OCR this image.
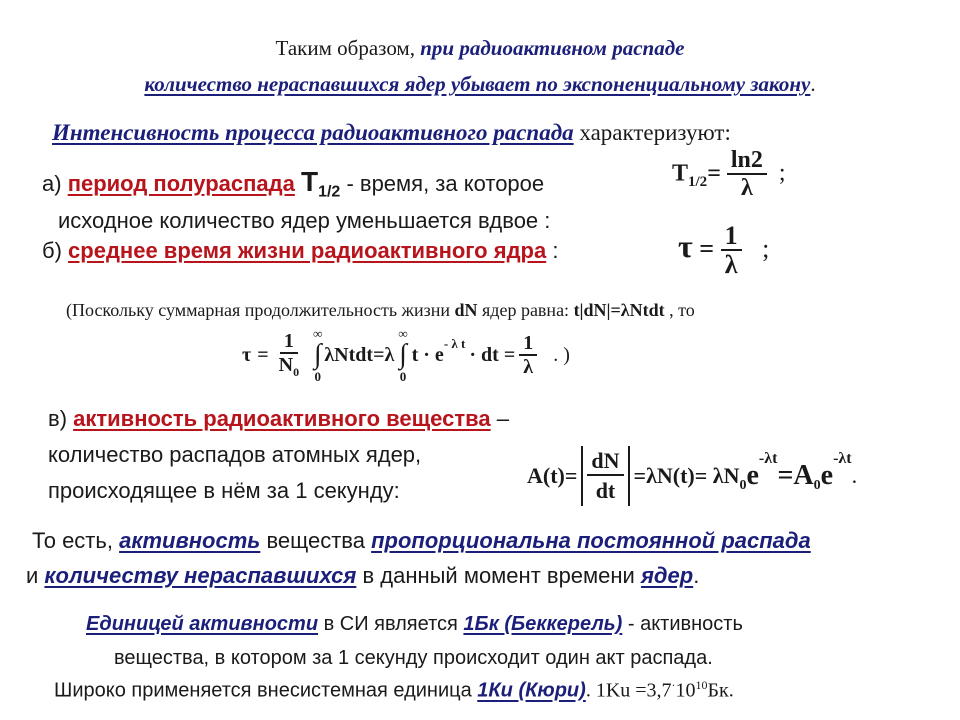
Таким образом, при радиоактивном распаде
количество нераспавшихся ядер убывает по экспоненциальному закону.
Интенсивность процесса радиоактивного распада характеризуют:
а) период полураспада $T_{1/2}$ - время, за которое
исходное количество ядер уменьшается вдвое :
$T_{1/2}= \frac{\ln 2}{\lambda}$ ;
б) среднее время жизни радиоактивного ядра :	$\tau = \frac{1}{\lambda}$ ;
(Поскольку суммарная продолжительность жизни dN ядер равна: t|dN|=λNtdt , то
$\tau = \frac{1}{N_0}$ ∞
∫
0
λNtdt =λ
∞
∫
0
$t \cdot e^{- \lambda t}$ · dt = $\frac{1}{\lambda}$ . )
в) активность радиоактивного вещества –
количество распадов атомных ядер,
происходящее в нём за 1 секунду:
$A(t)= \frac{dN}{dt} =\lambda N(t)= \lambda N_0$ e
$^{-\lambda t}$
$=A_0$ e
$^{-\lambda t}$
.
То есть, активность вещества пропорциональна постоянной распада
и количеству нераспавшихся в данный момент времени ядер.
Единицей активности в СИ является 1Бк (Беккерель) - активность
вещества, в котором за 1 секунду происходит один акт распада.
Широко применяется внесистемная единица 1Ки (Кюри). $1Ku =3,7^\cdot 10^{10}Бк$.
